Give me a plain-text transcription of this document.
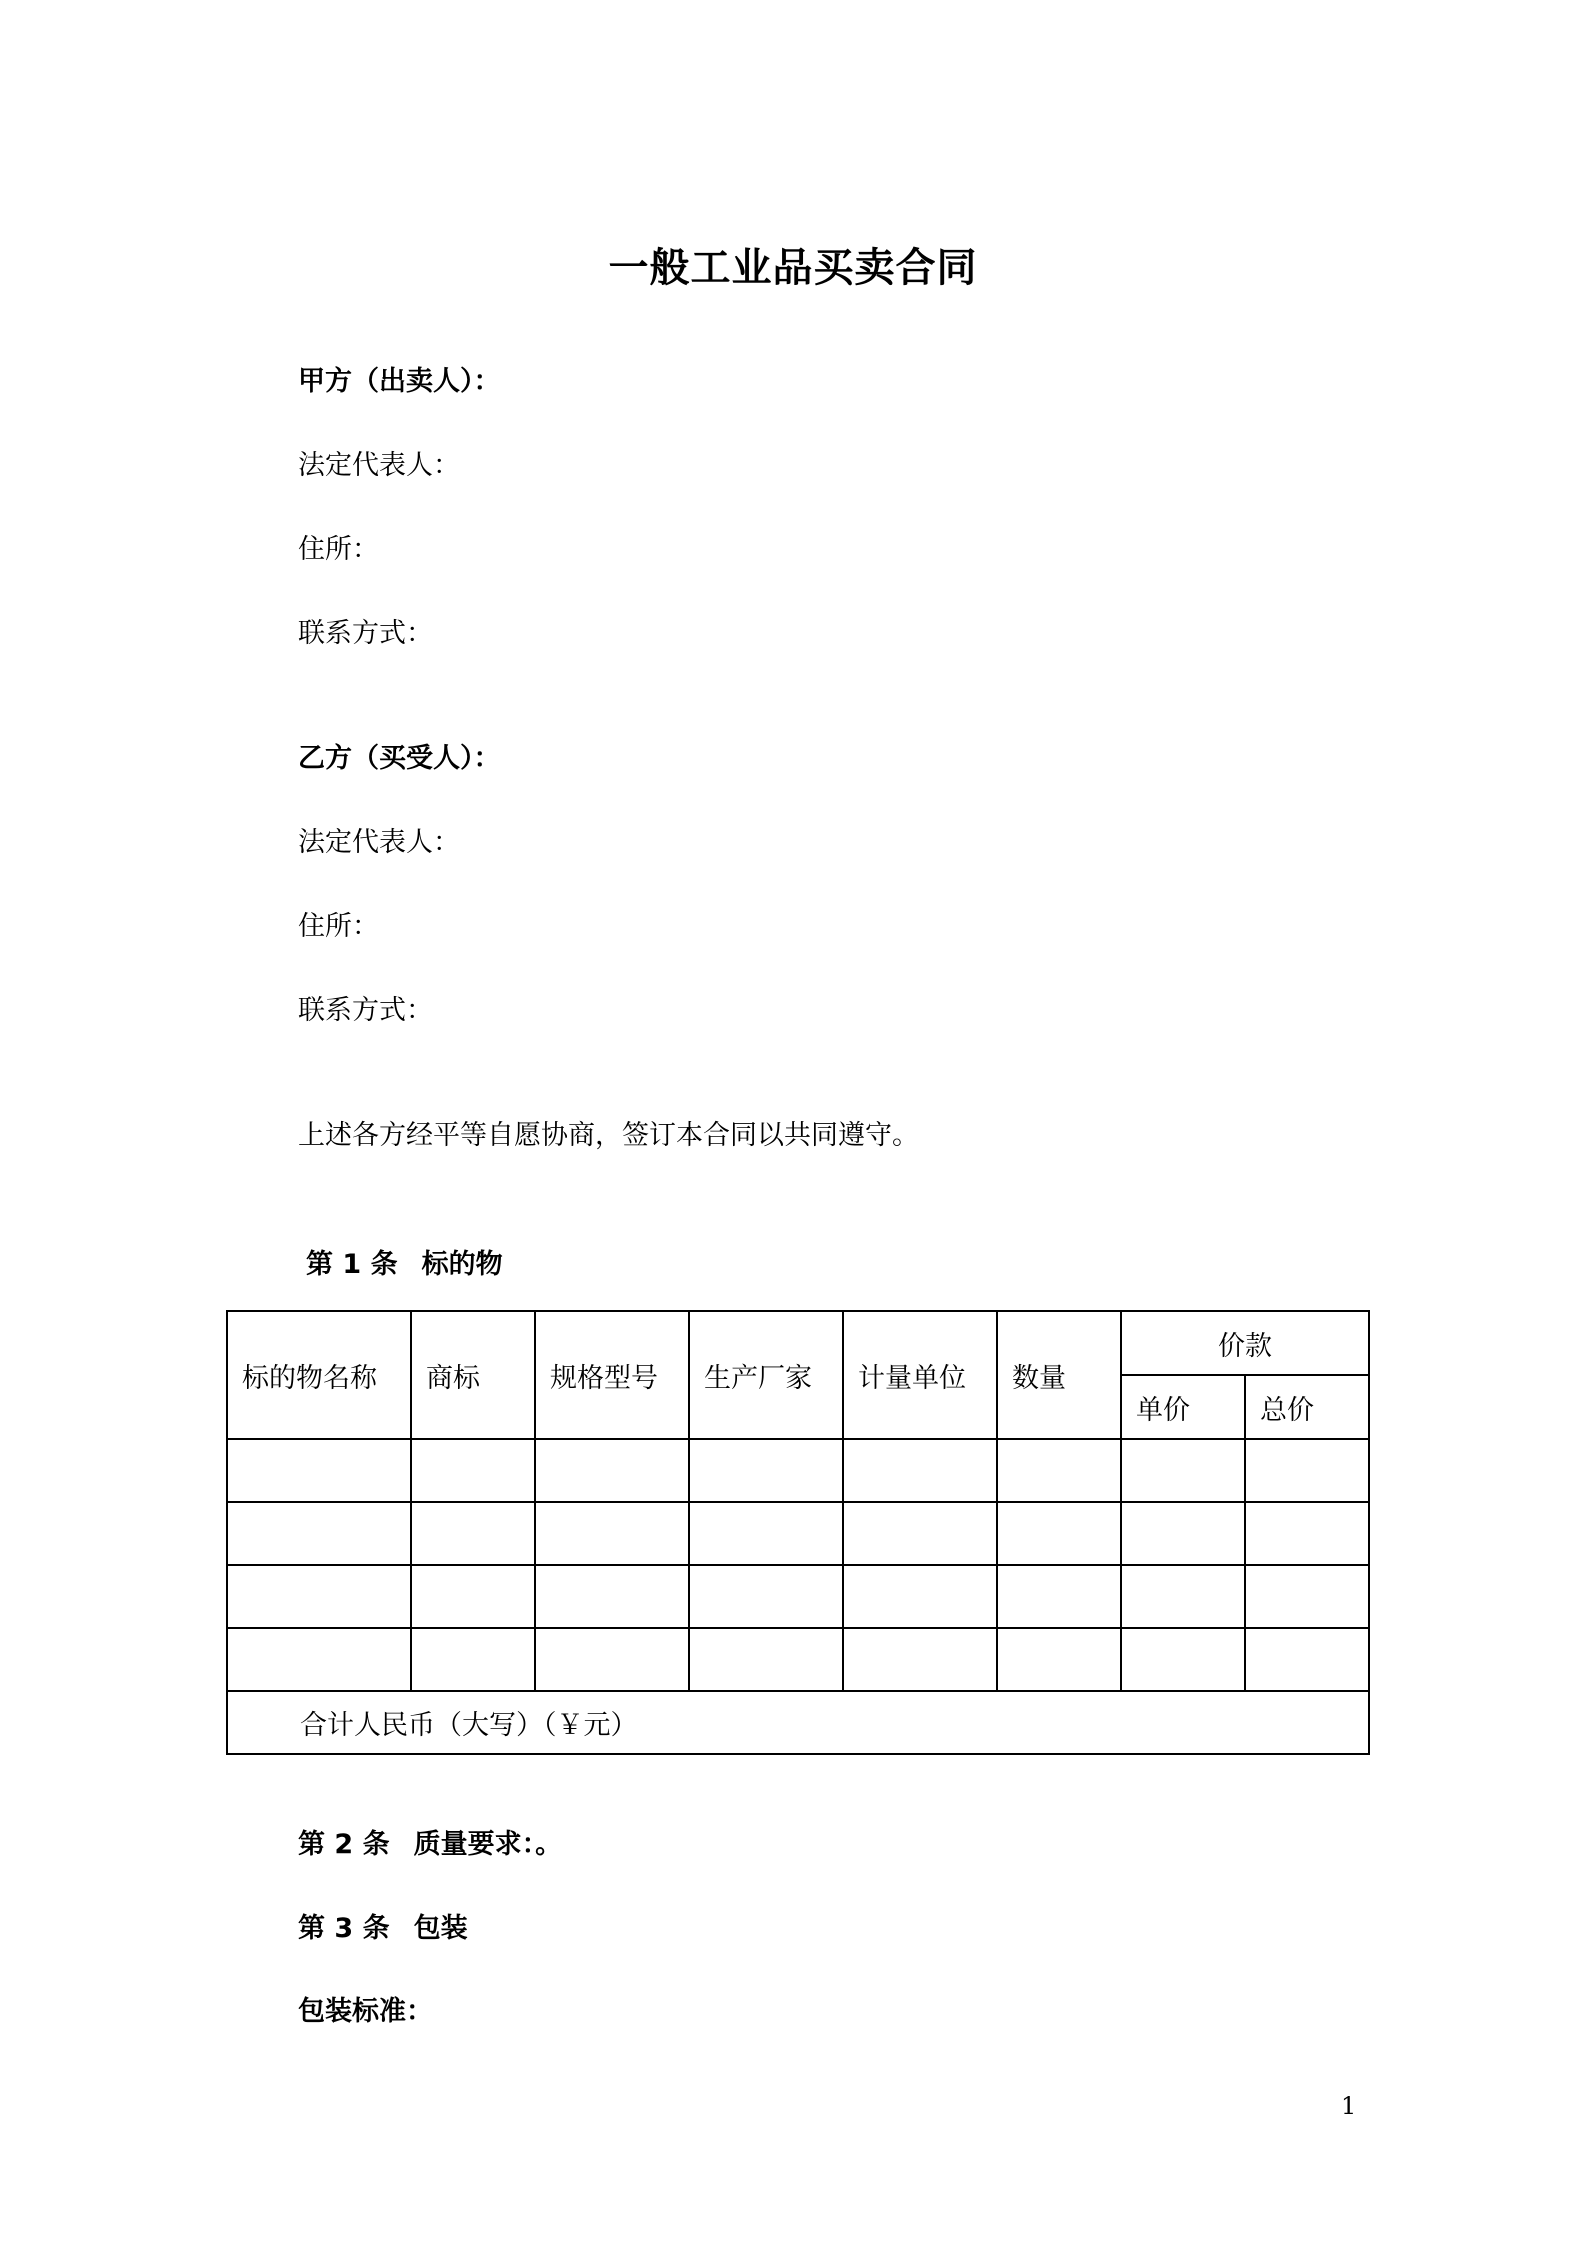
一般工业品买卖合同
甲方（出卖人）：
法定代表人：
住所：
联系方式：
乙方（买受人）：
法定代表人：
住所：
联系方式：
上述各方经平等自愿协商，签订本合同以共同遵守。
第 1 条 标的物
标的物名称	商标	规格型号	生产厂家	计量单位	数量	价款	
						单价	总价

合计人民币（大写）（￥元）							
第 2 条 质量要求：。
第 3 条 包装
包装标准：
1
